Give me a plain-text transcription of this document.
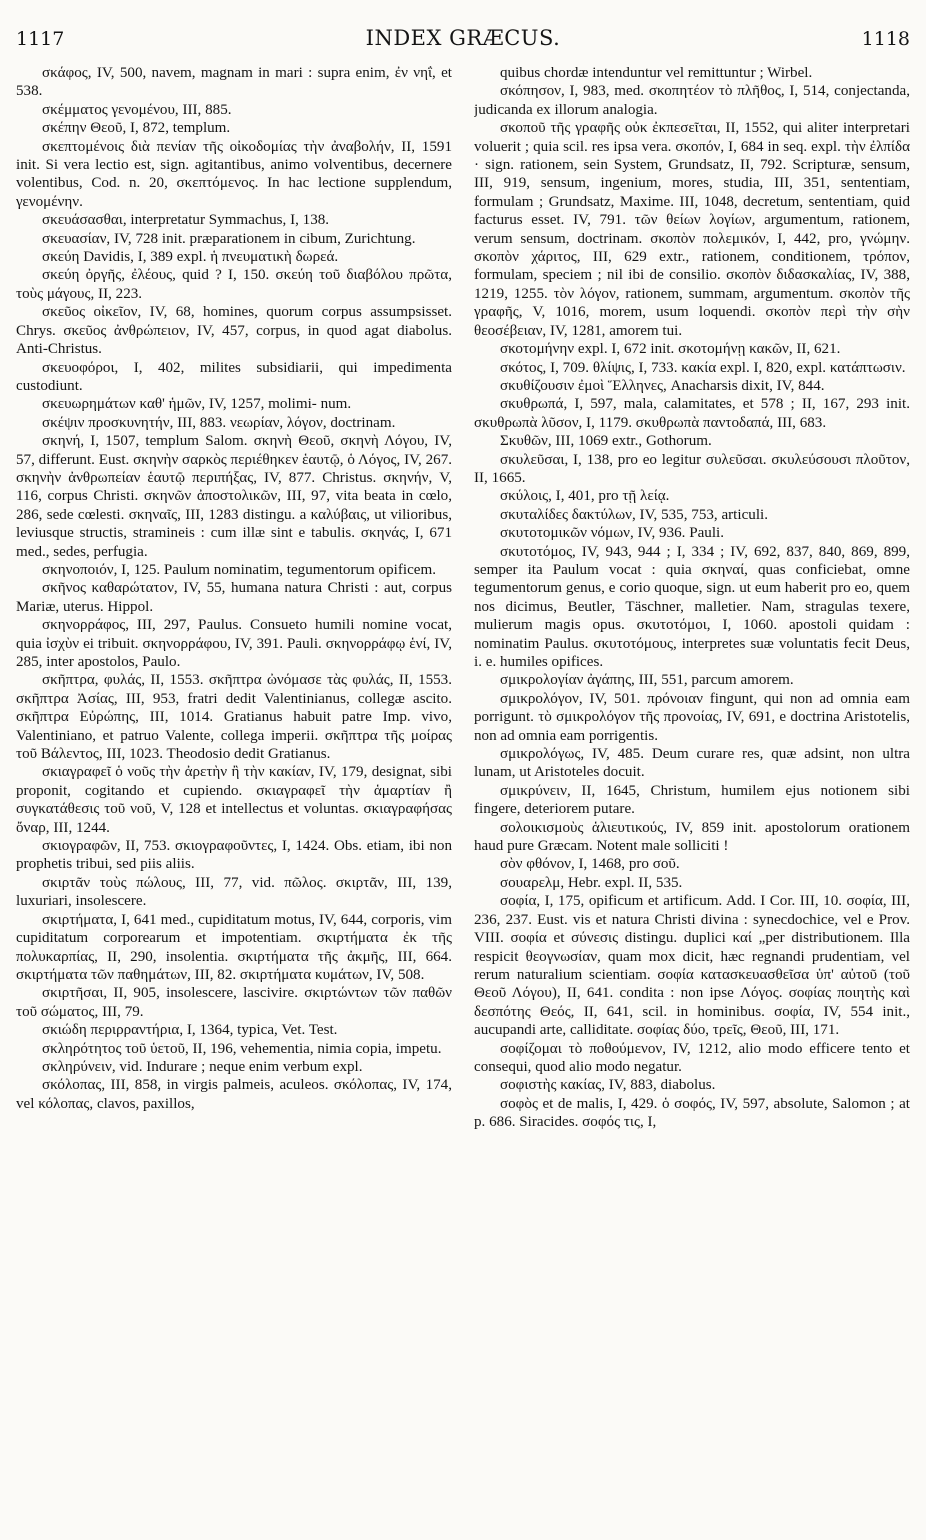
1117	INDEX GRÆCUS.	1118

σκάφος, IV, 500, navem, magnam in mari : supra enim, ἐν νηΐ, et 538.

σκέμματος γενομένου, III, 885.

σκέπην Θεοῦ, I, 872, templum.

σκεπτομένοις διὰ πενίαν τῆς οἰκοδομίας τὴν ἀναβολήν, II, 1591 init. Si vera lectio est, sign. agitantibus, animo volventibus, decernere volentibus, Cod. n. 20, σκεπτόμενος. In hac lectione supplendum, γενομένην.

σκευάσασθαι, interpretatur Symmachus, I, 138.

σκευασίαν, IV, 728 init. præparationem in cibum, Zurichtung.

σκεύη Davidis, I, 389 expl. ἡ πνευματικὴ δωρεά.

σκεύη ὀργῆς, ἐλέους, quid ? I, 150. σκεύη τοῦ διαβόλου πρῶτα, τοὺς μάγους, II, 223.

σκεῦος οἰκεῖον, IV, 68, homines, quorum corpus assumpsisset. Chrys. σκεῦος ἀνθρώπειον, IV, 457, corpus, in quod agat diabolus. Anti-Christus.

σκευοφόροι, I, 402, milites subsidiarii, qui impedimenta custodiunt.

σκευωρημάτων καθ' ἡμῶν, IV, 1257, molimi- num.

σκέψιν προσκυνητήν, III, 883. νεωρίαν, λόγον, doctrinam.

σκηνή, I, 1507, templum Salom. σκηνὴ Θεοῦ, σκηνὴ Λόγου, IV, 57, differunt. Eust. σκηνὴν σαρκὸς περιέθηκεν ἑαυτῷ, ὁ Λόγος, IV, 267. σκηνὴν ἀνθρωπείαν ἑαυτῷ περιπήξας, IV, 877. Christus. σκηνήν, V, 116, corpus Christi. σκηνῶν ἀποστολικῶν, III, 97, vita beata in cœlo, 286, sede cœlesti. σκηναῖς, III, 1283 distingu. a καλύβαις, ut vilioribus, leviusque structis, stramineis : cum illæ sint e tabulis. σκηνάς, I, 671 med., sedes, perfugia.

σκηνοποιόν, I, 125. Paulum nominatim, tegumentorum opificem.

σκῆνος καθαρώτατον, IV, 55, humana natura Christi : aut, corpus Mariæ, uterus. Hippol.

σκηνορράφος, III, 297, Paulus. Consueto humili nomine vocat, quia ἰσχὺν ei tribuit. σκηνορράφου, IV, 391. Pauli. σκηνορράφῳ ἑνί, IV, 285, inter apostolos, Paulo.

σκῆπτρα, φυλάς, II, 1553. σκῆπτρα ὠνόμασε τὰς φυλάς, II, 1553. σκῆπτρα Ἀσίας, III, 953, fratri dedit Valentinianus, collegæ ascito. σκῆπτρα Εὐρώπης, III, 1014. Gratianus habuit patre Imp. vivo, Valentiniano, et patruo Valente, collega imperii. σκῆπτρα τῆς μοίρας τοῦ Βάλεντος, III, 1023. Theodosio dedit Gratianus.

σκιαγραφεῖ ὁ νοῦς τὴν ἀρετὴν ἢ τὴν κακίαν, IV, 179, designat, sibi proponit, cogitando et cupiendo. σκιαγραφεῖ τὴν ἁμαρτίαν ἢ συγκατάθεσις τοῦ νοῦ, V, 128 et intellectus et voluntas. σκιαγραφήσας ὄναρ, III, 1244.

σκιογραφῶν, II, 753. σκιογραφοῦντες, I, 1424. Obs. etiam, ibi non prophetis tribui, sed piis aliis.

σκιρτᾶν τοὺς πώλους, III, 77, vid. πῶλος. σκιρτᾶν, III, 139, luxuriari, insolescere.

σκιρτήματα, I, 641 med., cupiditatum motus, IV, 644, corporis, vim cupiditatum corporearum et impotentiam. σκιρτήματα ἐκ τῆς πολυκαρπίας, II, 290, insolentia. σκιρτήματα τῆς ἀκμῆς, III, 664. σκιρτήματα τῶν παθημάτων, III, 82. σκιρτήματα κυμάτων, IV, 508.

σκιρτῆσαι, II, 905, insolescere, lascivire. σκιρτώντων τῶν παθῶν τοῦ σώματος, III, 79.

σκιώδη περιρραντήρια, I, 1364, typica, Vet. Test.

σκληρότητος τοῦ ὑετοῦ, II, 196, vehementia, nimia copia, impetu.

σκληρύνειν, vid. Indurare ; neque enim verbum expl.

σκόλοπας, III, 858, in virgis palmeis, aculeos. σκόλοπας, IV, 174, vel κόλοπας, clavos, paxillos,

quibus chordæ intenduntur vel remittuntur ; Wirbel.

σκόπησον, I, 983, med. σκοπητέον τὸ πλῆθος, I, 514, conjectanda, judicanda ex illorum analogia.

σκοποῦ τῆς γραφῆς οὐκ ἐκπεσεῖται, II, 1552, qui aliter interpretari voluerit ; quia scil. res ipsa vera. σκοπόν, I, 684 in seq. expl. τὴν ἐλπίδα · sign. rationem, sein System, Grundsatz, II, 792. Scripturæ, sensum, III, 919, sensum, ingenium, mores, studia, III, 351, sententiam, formulam ; Grundsatz, Maxime. III, 1048, decretum, sententiam, quid facturus esset. IV, 791. τῶν θείων λογίων, argumentum, rationem, verum sensum, doctrinam. σκοπὸν πολεμικόν, I, 442, pro, γνώμην. σκοπὸν χάριτος, III, 629 extr., rationem, conditionem, τρόπον, formulam, speciem ; nil ibi de consilio. σκοπὸν διδασκαλίας, IV, 388, 1219, 1255. τὸν λόγον, rationem, summam, argumentum. σκοπὸν τῆς γραφῆς, V, 1016, morem, usum loquendi. σκοπὸν περὶ τὴν σὴν θεοσέβειαν, IV, 1281, amorem tui.

σκοτομήνην expl. I, 672 init. σκοτομήνῃ κακῶν, II, 621.

σκότος, I, 709. θλίψις, I, 733. κακία expl. I, 820, expl. κατάπτωσιν.

σκυθίζουσιν ἐμοὶ Ἕλληνες, Anacharsis dixit, IV, 844.

σκυθρωπά, I, 597, mala, calamitates, et 578 ; II, 167, 293 init. σκυθρωπὰ λῦσον, I, 1179. σκυθρωπὰ παντοδαπά, III, 683.

Σκυθῶν, III, 1069 extr., Gothorum.

σκυλεῦσαι, I, 138, pro eo legitur συλεῦσαι. σκυλεύσουσι πλοῦτον, II, 1665.

σκύλοις, I, 401, pro τῇ λείᾳ.

σκυταλίδες δακτύλων, IV, 535, 753, articuli.

σκυτοτομικῶν νόμων, IV, 936. Pauli.

σκυτοτόμος, IV, 943, 944 ; I, 334 ; IV, 692, 837, 840, 869, 899, semper ita Paulum vocat : quia σκηναί, quas conficiebat, omne tegumentorum genus, e corio quoque, sign. ut eum haberit pro eo, quem nos dicimus, Beutler, Täschner, malletier. Nam, stragulas texere, mulierum magis opus. σκυτοτόμοι, I, 1060. apostoli quidam : nominatim Paulus. σκυτοτόμους, interpretes suæ voluntatis fecit Deus, i. e. humiles opifices.

σμικρολογίαν ἀγάπης, III, 551, parcum amorem.

σμικρολόγον, IV, 501. πρόνοιαν fingunt, qui non ad omnia eam porrigunt. τὸ σμικρολόγον τῆς προνοίας, IV, 691, e doctrina Aristotelis, non ad omnia eam porrigentis.

σμικρολόγως, IV, 485. Deum curare res, quæ adsint, non ultra lunam, ut Aristoteles docuit.

σμικρύνειν, II, 1645, Christum, humilem ejus notionem sibi fingere, deteriorem putare.

σολοικισμοὺς ἁλιευτικούς, IV, 859 init. apostolorum orationem haud pure Græcam. Notent male solliciti !

σὸν φθόνον, I, 1468, pro σοῦ.

σουαρελμ, Hebr. expl. II, 535.

σοφία, I, 175, opificum et artificum. Add. I Cor. III, 10. σοφία, III, 236, 237. Eust. vis et natura Christi divina : synecdochice, vel e Prov. VIII. σοφία et σύνεσις distingu. duplici καί „per distributionem. Illa respicit θεογνωσίαν, quam mox dicit, hæc regnandi prudentiam, vel rerum naturalium scientiam. σοφία κατασκευασθεῖσα ὑπ' αὐτοῦ (τοῦ Θεοῦ Λόγου), II, 641. condita : non ipse Λόγος. σοφίας ποιητὴς καὶ δεσπότης Θεός, II, 641, scil. in hominibus. σοφία, IV, 554 init., aucupandi arte, calliditate. σοφίας δύο, τρεῖς, Θεοῦ, III, 171.

σοφίζομαι τὸ ποθούμενον, IV, 1212, alio modo efficere tento et consequi, quod alio modo negatur.

σοφιστὴς κακίας, IV, 883, diabolus.

σοφὸς et de malis, I, 429. ὁ σοφός, IV, 597, absolute, Salomon ; at p. 686. Siracides. σοφός τις, I,
